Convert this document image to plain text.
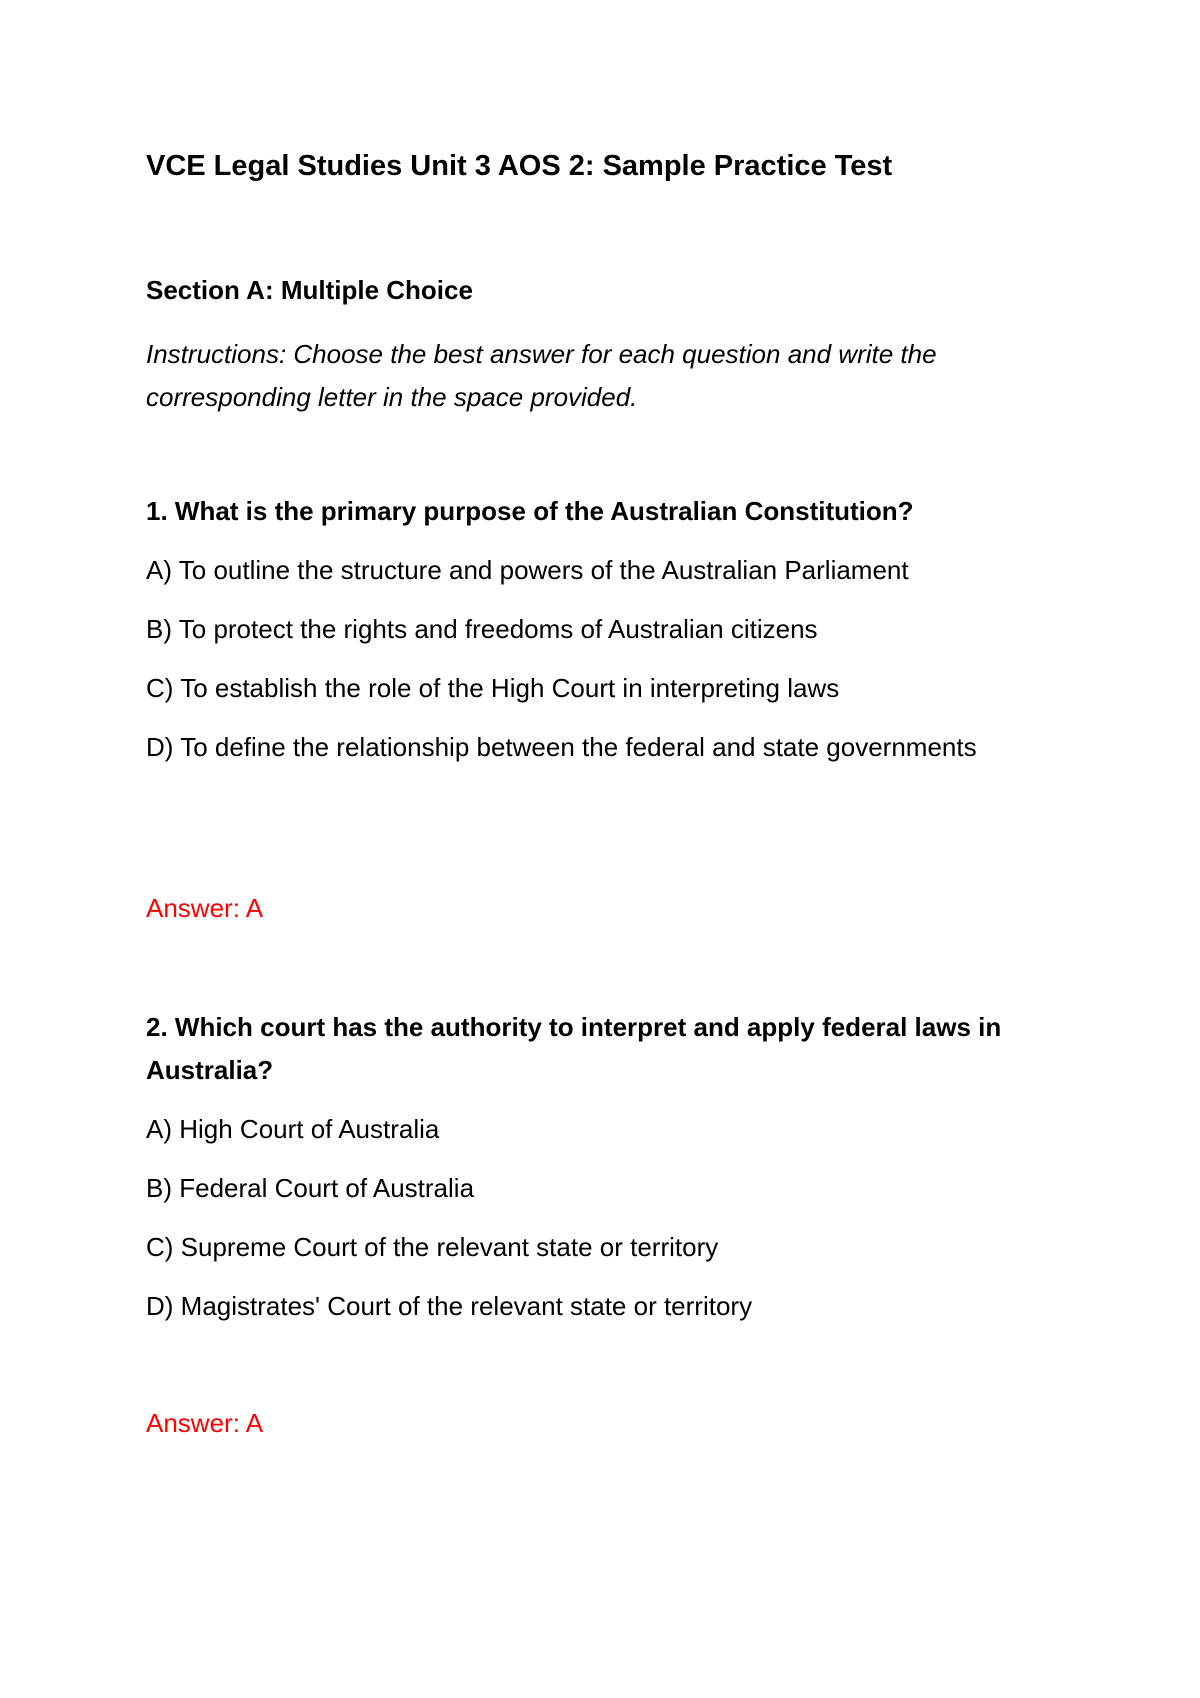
VCE Legal Studies Unit 3 AOS 2: Sample Practice Test
Section A: Multiple Choice

Instructions: Choose the best answer for each question and write the corresponding letter in the space provided.

1. What is the primary purpose of the Australian Constitution?

A) To outline the structure and powers of the Australian Parliament

B) To protect the rights and freedoms of Australian citizens

C) To establish the role of the High Court in interpreting laws

D) To define the relationship between the federal and state governments

Answer: A

2. Which court has the authority to interpret and apply federal laws in Australia?

A) High Court of Australia

B) Federal Court of Australia

C) Supreme Court of the relevant state or territory

D) Magistrates' Court of the relevant state or territory

Answer: A
